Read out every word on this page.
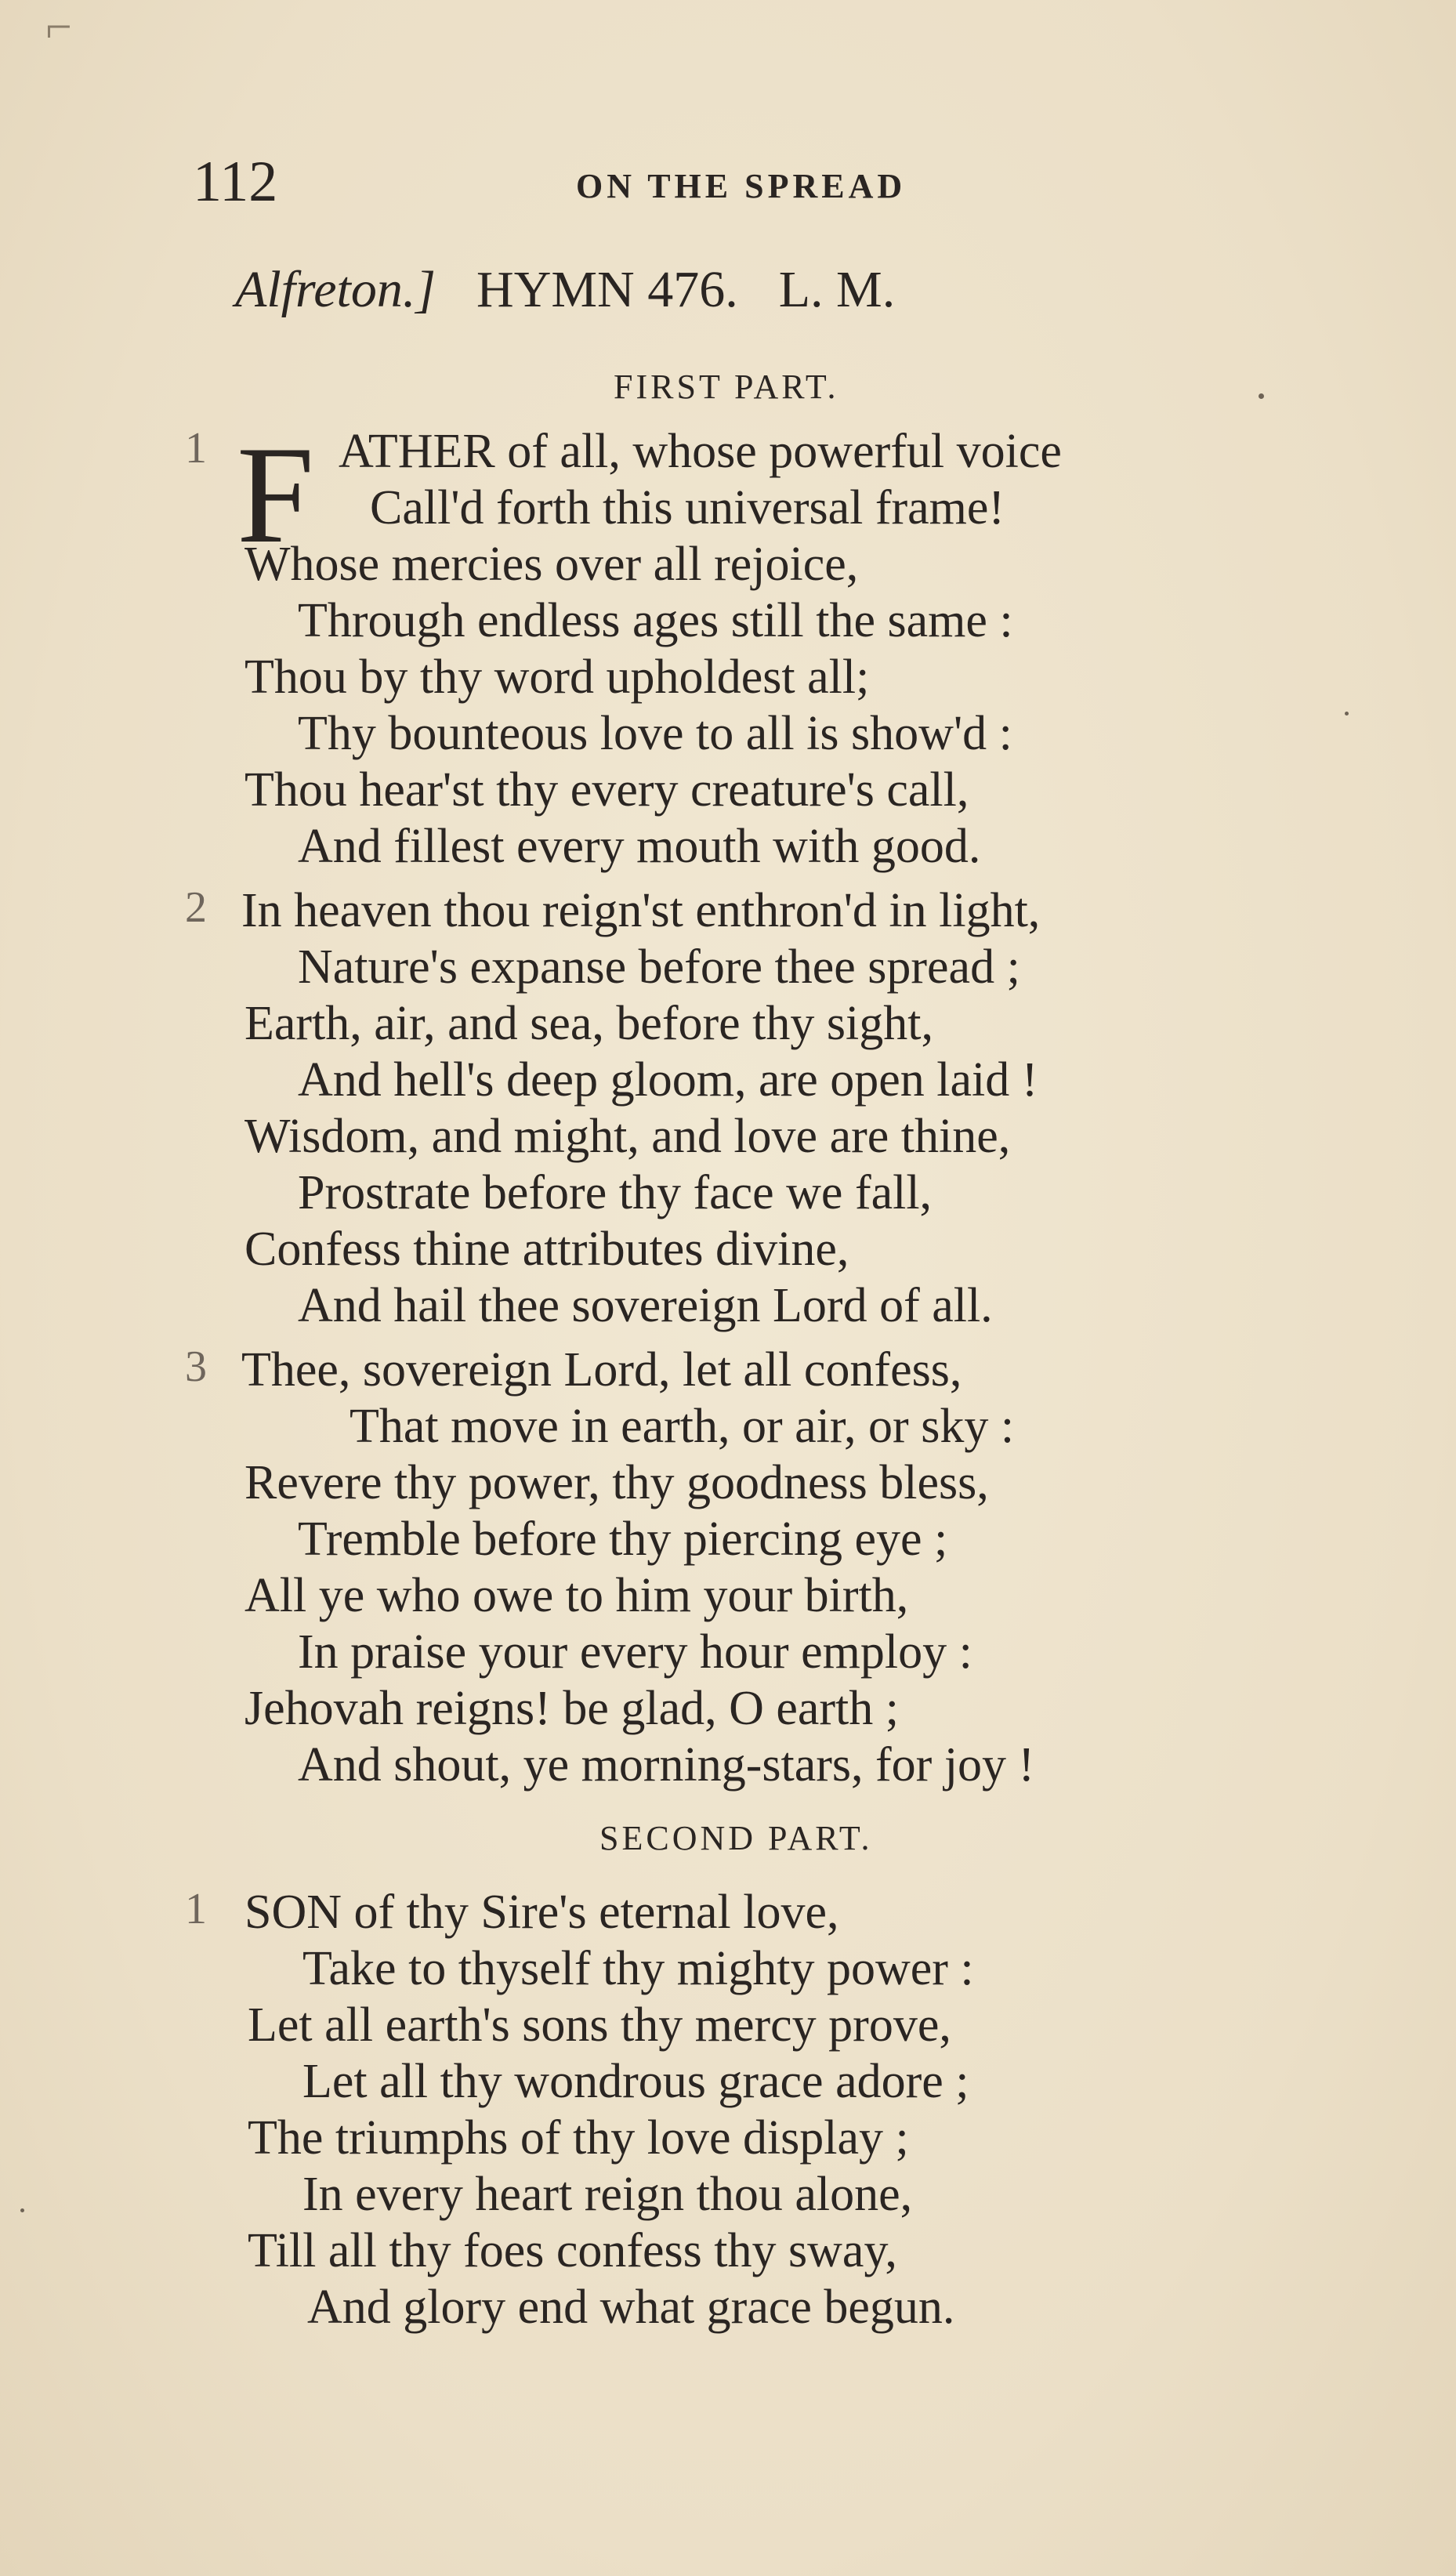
⌐
112	ON THE SPREAD
Alfreton.] HYMN 476. L. M.
FIRST PART.
F
1	ATHER of all, whose powerful voice
Call'd forth this universal frame!
Whose mercies over all rejoice,
Through endless ages still the same :
Thou by thy word upholdest all;
Thy bounteous love to all is show'd :
Thou hear'st thy every creature's call,
And fillest every mouth with good.
2 In heaven thou reign'st enthron'd in light,
Nature's expanse before thee spread ;
Earth, air, and sea, before thy sight,
And hell's deep gloom, are open laid !
Wisdom, and might, and love are thine,
Prostrate before thy face we fall,
Confess thine attributes divine,
And hail thee sovereign Lord of all.
3 Thee, sovereign Lord, let all confess,
That move in earth, or air, or sky :
Revere thy power, thy goodness bless,
Tremble before thy piercing eye ;
All ye who owe to him your birth,
In praise your every hour employ :
Jehovah reigns! be glad, O earth ;
And shout, ye morning-stars, for joy !
SECOND PART.
1 SON of thy Sire's eternal love,
Take to thyself thy mighty power :
Let all earth's sons thy mercy prove,
Let all thy wondrous grace adore ;
The triumphs of thy love display ;
In every heart reign thou alone,
Till all thy foes confess thy sway,
And glory end what grace begun.
